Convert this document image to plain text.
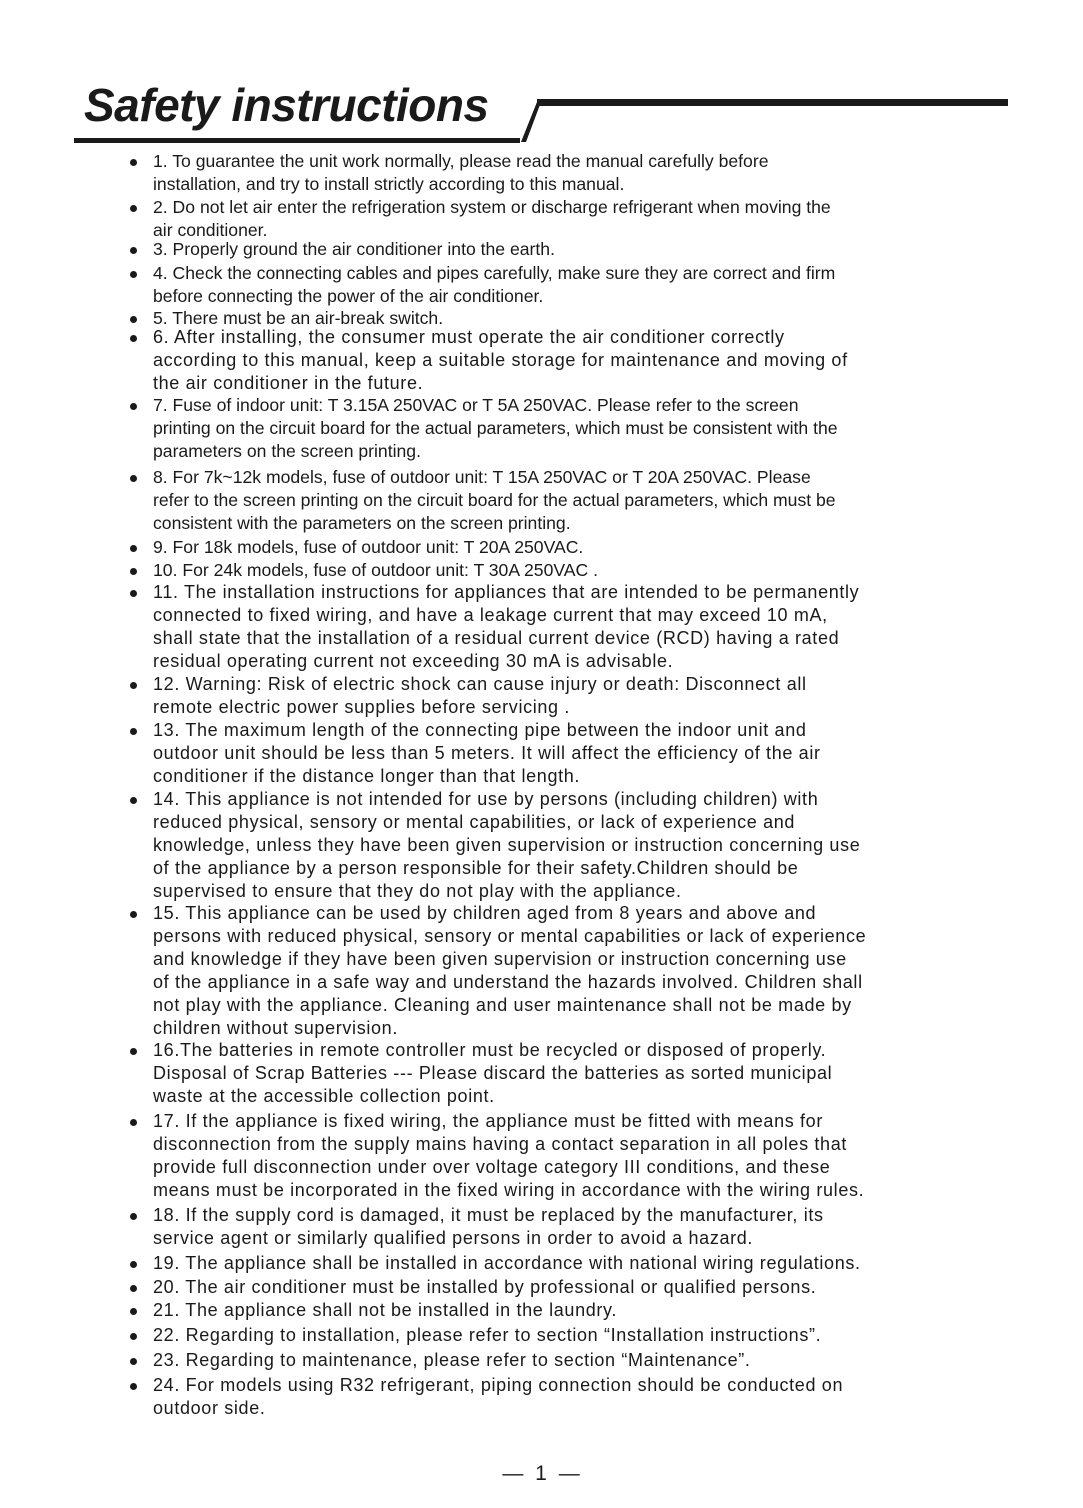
Safety instructions
1. To guarantee the unit work normally, please read the manual carefully before
installation, and try to install strictly according to this manual.
2. Do not let air enter the refrigeration system or discharge refrigerant when moving the
air conditioner.
3. Properly ground the air conditioner into the earth.
4. Check the connecting cables and pipes carefully, make sure they are correct and firm
before connecting the power of the air conditioner.
5. There must be an air-break switch.
6. After installing, the consumer must operate the air conditioner correctly
according to this manual, keep a suitable storage for maintenance and moving of
the air conditioner in the future.
7. Fuse of indoor unit: T 3.15A 250VAC or T 5A 250VAC. Please refer to the screen
printing on the circuit board for the actual parameters, which must be consistent with the
parameters on the screen printing.
8. For 7k~12k models, fuse of outdoor unit: T 15A 250VAC or T 20A 250VAC. Please
refer to the screen printing on the circuit board for the actual parameters, which must be
consistent with the parameters on the screen printing.
9. For 18k models, fuse of outdoor unit: T 20A 250VAC.
10. For 24k models, fuse of outdoor unit: T 30A 250VAC .
11. The installation instructions for appliances that are intended to be permanently
connected to fixed wiring, and have a leakage current that may exceed 10 mA,
shall state that the installation of a residual current device (RCD) having a rated
residual operating current not exceeding 30 mA is advisable.
12. Warning: Risk of electric shock can cause injury or death: Disconnect all
remote electric power supplies before servicing .
13. The maximum length of the connecting pipe between the indoor unit and
outdoor unit should be less than 5 meters. It will affect the efficiency of the air
conditioner if the distance longer than that length.
14. This appliance is not intended for use by persons (including children) with
reduced physical, sensory or mental capabilities, or lack of experience and
knowledge, unless they have been given supervision or instruction concerning use
of the appliance by a person responsible for their safety.Children should be
supervised to ensure that they do not play with the appliance.
15. This appliance can be used by children aged from 8 years and above and
persons with reduced physical, sensory or mental capabilities or lack of experience
and knowledge if they have been given supervision or instruction concerning use
of the appliance in a safe way and understand the hazards involved. Children shall
not play with the appliance. Cleaning and user maintenance shall not be made by
children without supervision.
16.The batteries in remote controller must be recycled or disposed of properly.
Disposal of Scrap Batteries --- Please discard the batteries as sorted municipal
waste at the accessible collection point.
17. If the appliance is fixed wiring, the appliance must be fitted with means for
disconnection from the supply mains having a contact separation in all poles that
provide full disconnection under over voltage category III conditions, and these
means must be incorporated in the fixed wiring in accordance with the wiring rules.
18. If the supply cord is damaged, it must be replaced by the manufacturer, its
service agent or similarly qualified persons in order to avoid a hazard.
19. The appliance shall be installed in accordance with national wiring regulations.
20. The air conditioner must be installed by professional or qualified persons.
21. The appliance shall not be installed in the laundry.
22. Regarding to installation, please refer to section “Installation instructions”.
23. Regarding to maintenance, please refer to section “Maintenance”.
24. For models using R32 refrigerant, piping connection should be conducted on
outdoor side.
— 1 —
